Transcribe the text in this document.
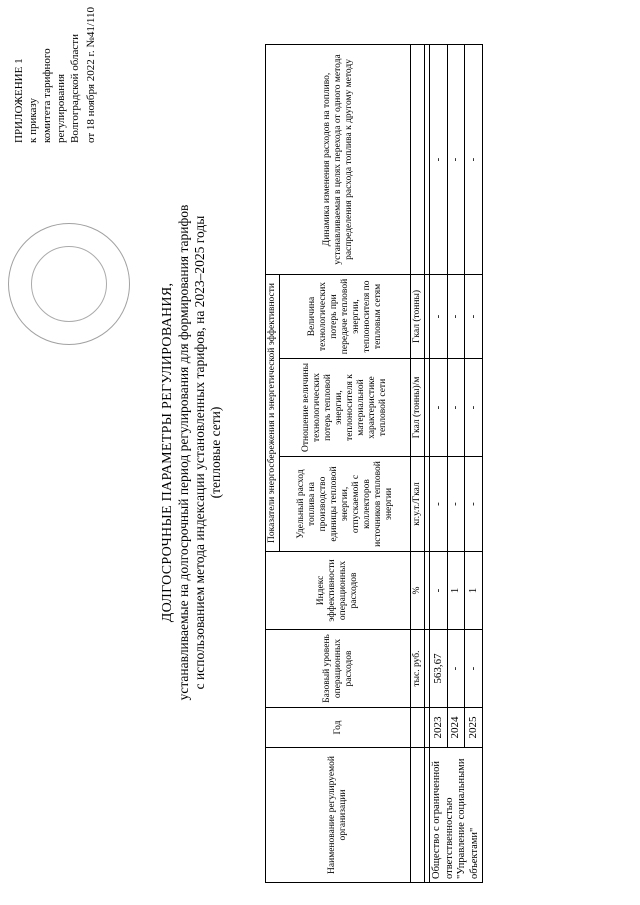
ПРИЛОЖЕНИЕ 1 к приказу комитета тарифного регулирования Волгоградской области от 18 ноября 2022 г. №41/110
ДОЛГОСРОЧНЫЕ ПАРАМЕТРЫ РЕГУЛИРОВАНИЯ, устанавливаемые на долгосрочный период регулирования для формирования тарифов с использованием метода индексации установленных тарифов, на 2023–2025 годы (тепловые сети)
Наименование регулируемой организации	Год	Базовый уровень операционных расходов	Индекс эффективности операционных расходов	Показатели энергосбережения и энергетической эффективности			Динамика изменения расходов на топливо, устанавливаемая в целях перехода от одного метода распределения расхода топлива к другому методу
				Удельный расход топлива на производство единицы тепловой энергии, отпускаемой с коллекторов источников тепловой энергии	Отношение величины технологических потерь тепловой энергии, теплоносителя к материальной характеристике тепловой сети	Величина технологических потерь при передаче тепловой энергии, теплоносителя по тепловым сетям	
		тыс. руб.	%	кг.у.т./Гкал	Гкал (тонны)/м	Гкал (тонны)	

Общество с ограниченной ответственностью "Управление социальными объектами"	2023	563,67	-	-	-	-	-
	2024	-	1	-	-	-	-
	2025	-	1	-	-	-	-
